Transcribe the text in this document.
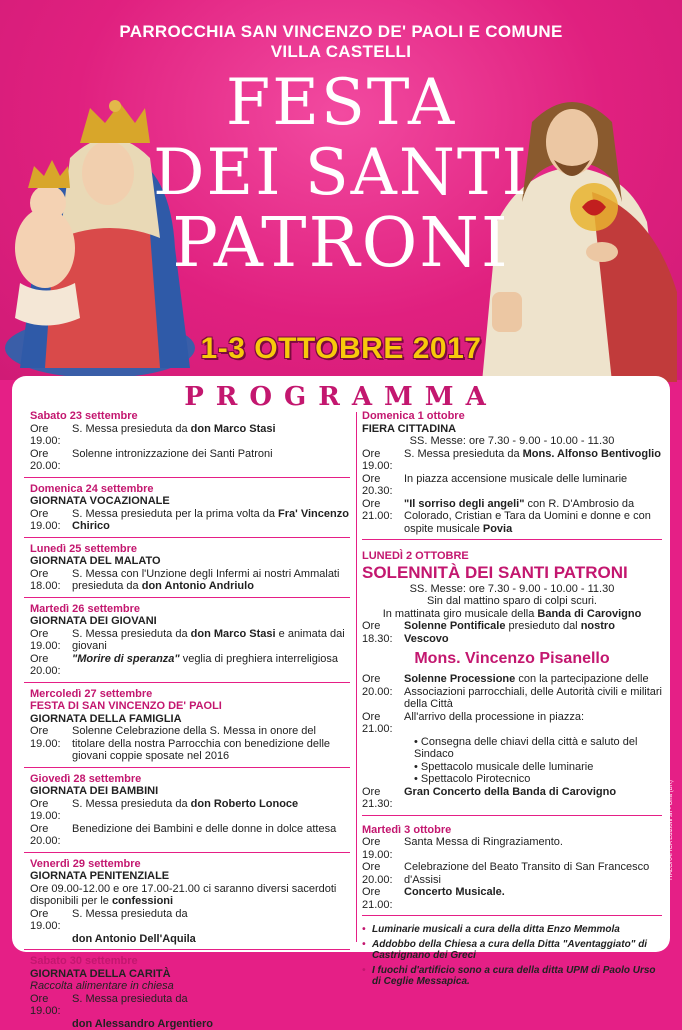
PARROCCHIA SAN VINCENZO DE' PAOLI E COMUNE
VILLA CASTELLI
FESTA
DEI SANTI
PATRONI
1-3 OTTOBRE 2017
PROGRAMMA
Sabato 23 settembre
Ore 19.00:
S. Messa presieduta da don Marco Stasi
Ore 20.00:
Solenne intronizzazione dei Santi Patroni
Domenica 24 settembre
GIORNATA VOCAZIONALE
Ore 19.00:
S. Messa presieduta per la prima volta da Fra' Vincenzo Chirico
Lunedì 25 settembre
GIORNATA DEL MALATO
Ore 18.00:
S. Messa con l'Unzione degli Infermi ai nostri Ammalati presieduta da don Antonio Andriulo
Martedì 26 settembre
GIORNATA DEI GIOVANI
Ore 19.00:
S. Messa presieduta da don Marco Stasi e animata dai giovani
Ore 20.00:
"Morire di speranza" veglia di preghiera interreligiosa
Mercoledì 27 settembre
FESTA DI SAN VINCENZO DE' PAOLI
GIORNATA DELLA FAMIGLIA
Ore 19.00:
Solenne Celebrazione della S. Messa in onore del titolare della nostra Parrocchia con benedizione delle giovani coppie sposate nel 2016
Giovedì 28 settembre
GIORNATA DEI BAMBINI
Ore 19.00:
S. Messa presieduta da don Roberto Lonoce
Ore 20.00:
Benedizione dei Bambini e delle donne in dolce attesa
Venerdì 29 settembre
GIORNATA PENITENZIALE
Ore 09.00-12.00 e ore 17.00-21.00 ci saranno diversi sacerdoti disponibili per le confessioni
Ore 19.00:
S. Messa presieduta da
don Antonio Dell'Aquila
Sabato 30 settembre
GIORNATA DELLA CARITÀ
Raccolta alimentare in chiesa
Ore 19.00:
S. Messa presieduta da
don Alessandro Argentiero
Domenica 1 ottobre
FIERA CITTADINA
SS. Messe: ore 7.30 - 9.00 - 10.00 - 11.30
Ore 19.00:
S. Messa presieduta da Mons. Alfonso Bentivoglio
Ore 20.30:
In piazza accensione musicale delle luminarie
Ore 21.00:
"Il sorriso degli angeli" con R. D'Ambrosio da Colorado, Cristian e Tara da Uomini e donne e con ospite musicale Povia
LUNEDÌ 2 OTTOBRE
SOLENNITÀ DEI SANTI PATRONI
SS. Messe: ore 7.30 - 9.00 - 10.00 - 11.30
Sin dal mattino sparo di colpi scuri.
In mattinata giro musicale della Banda di Carovigno
Ore 18.30:
Solenne Pontificale presieduto dal nostro Vescovo
Mons. Vincenzo Pisanello
Ore 20.00:
Solenne Processione con la partecipazione delle Associazioni parrocchiali, delle Autorità civili e militari della Città
Ore 21.00:
All'arrivo della processione in piazza:
• Consegna delle chiavi della città e saluto del Sindaco
• Spettacolo musicale delle luminarie
• Spettacolo Pirotecnico
Ore 21.30:
Gran Concerto della Banda di Carovigno
Martedì 3 ottobre
Ore 19.00:
Santa Messa di Ringraziamento.
Ore 20.00:
Celebrazione del Beato Transito di San Francesco d'Assisi
Ore 21.00:
Concerto Musicale.
• Luminarie musicali a cura della ditta Enzo Memmola
• Addobbo della Chiesa a cura della Ditta "Aventaggiato" di Castrignano dei Greci
• I fuochi d'artificio sono a cura della ditta UPM di Paolo Urso di Ceglie Messapica.
ITALGRAFICA Edizioni srl - Oria (BR)
